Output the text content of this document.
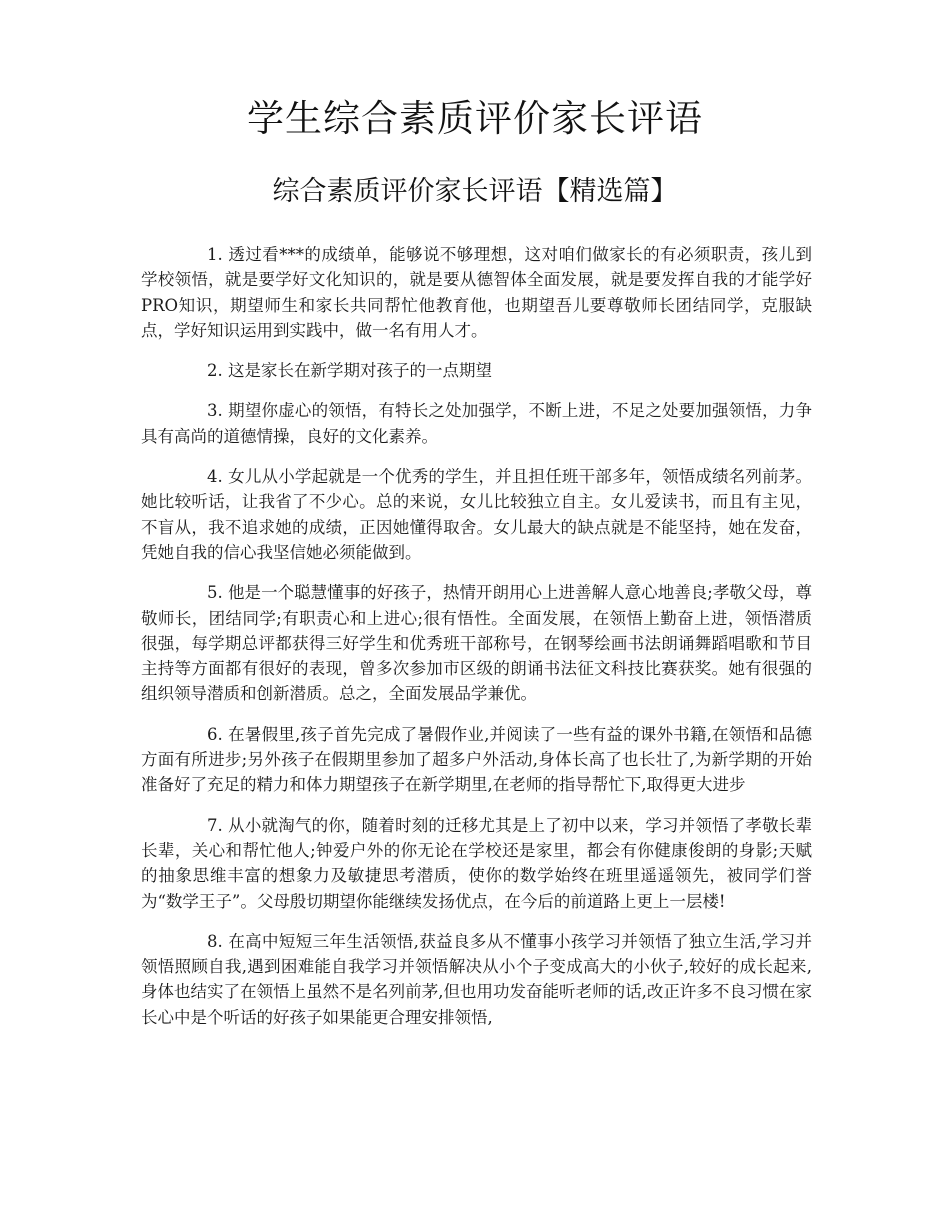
学生综合素质评价家长评语
综合素质评价家长评语【精选篇】

1. 透过看***的成绩单，能够说不够理想，这对咱们做家长的有必须职责，孩儿到学校领悟，就是要学好文化知识的，就是要从德智体全面发展，就是要发挥自我的才能学好PRO知识，期望师生和家长共同帮忙他教育他，也期望吾儿要尊敬师长团结同学，克服缺点，学好知识运用到实践中，做一名有用人才。

2. 这是家长在新学期对孩子的一点期望

3. 期望你虚心的领悟，有特长之处加强学，不断上进，不足之处要加强领悟，力争具有高尚的道德情操，良好的文化素养。

4. 女儿从小学起就是一个优秀的学生，并且担任班干部多年，领悟成绩名列前茅。她比较听话，让我省了不少心。总的来说，女儿比较独立自主。女儿爱读书，而且有主见，不盲从，我不追求她的成绩，正因她懂得取舍。女儿最大的缺点就是不能坚持，她在发奋，凭她自我的信心我坚信她必须能做到。

5. 他是一个聪慧懂事的好孩子，热情开朗用心上进善解人意心地善良;孝敬父母，尊敬师长，团结同学;有职责心和上进心;很有悟性。全面发展，在领悟上勤奋上进，领悟潜质很强，每学期总评都获得三好学生和优秀班干部称号，在钢琴绘画书法朗诵舞蹈唱歌和节目主持等方面都有很好的表现，曾多次参加市区级的朗诵书法征文科技比赛获奖。她有很强的组织领导潜质和创新潜质。总之，全面发展品学兼优。

6. 在暑假里,孩子首先完成了暑假作业,并阅读了一些有益的课外书籍,在领悟和品德方面有所进步;另外孩子在假期里参加了超多户外活动,身体长高了也长壮了,为新学期的开始准备好了充足的精力和体力期望孩子在新学期里,在老师的指导帮忙下,取得更大进步

7. 从小就淘气的你，随着时刻的迁移尤其是上了初中以来，学习并领悟了孝敬长辈长辈，关心和帮忙他人;钟爱户外的你无论在学校还是家里，都会有你健康俊朗的身影;天赋的抽象思维丰富的想象力及敏捷思考潜质，使你的数学始终在班里遥遥领先，被同学们誉为“数学王子”。父母殷切期望你能继续发扬优点，在今后的前道路上更上一层楼!

8. 在高中短短三年生活领悟,获益良多从不懂事小孩学习并领悟了独立生活,学习并领悟照顾自我,遇到困难能自我学习并领悟解决从小个子变成高大的小伙子,较好的成长起来,身体也结实了在领悟上虽然不是名列前茅,但也用功发奋能听老师的话,改正许多不良习惯在家长心中是个听话的好孩子如果能更合理安排领悟,
